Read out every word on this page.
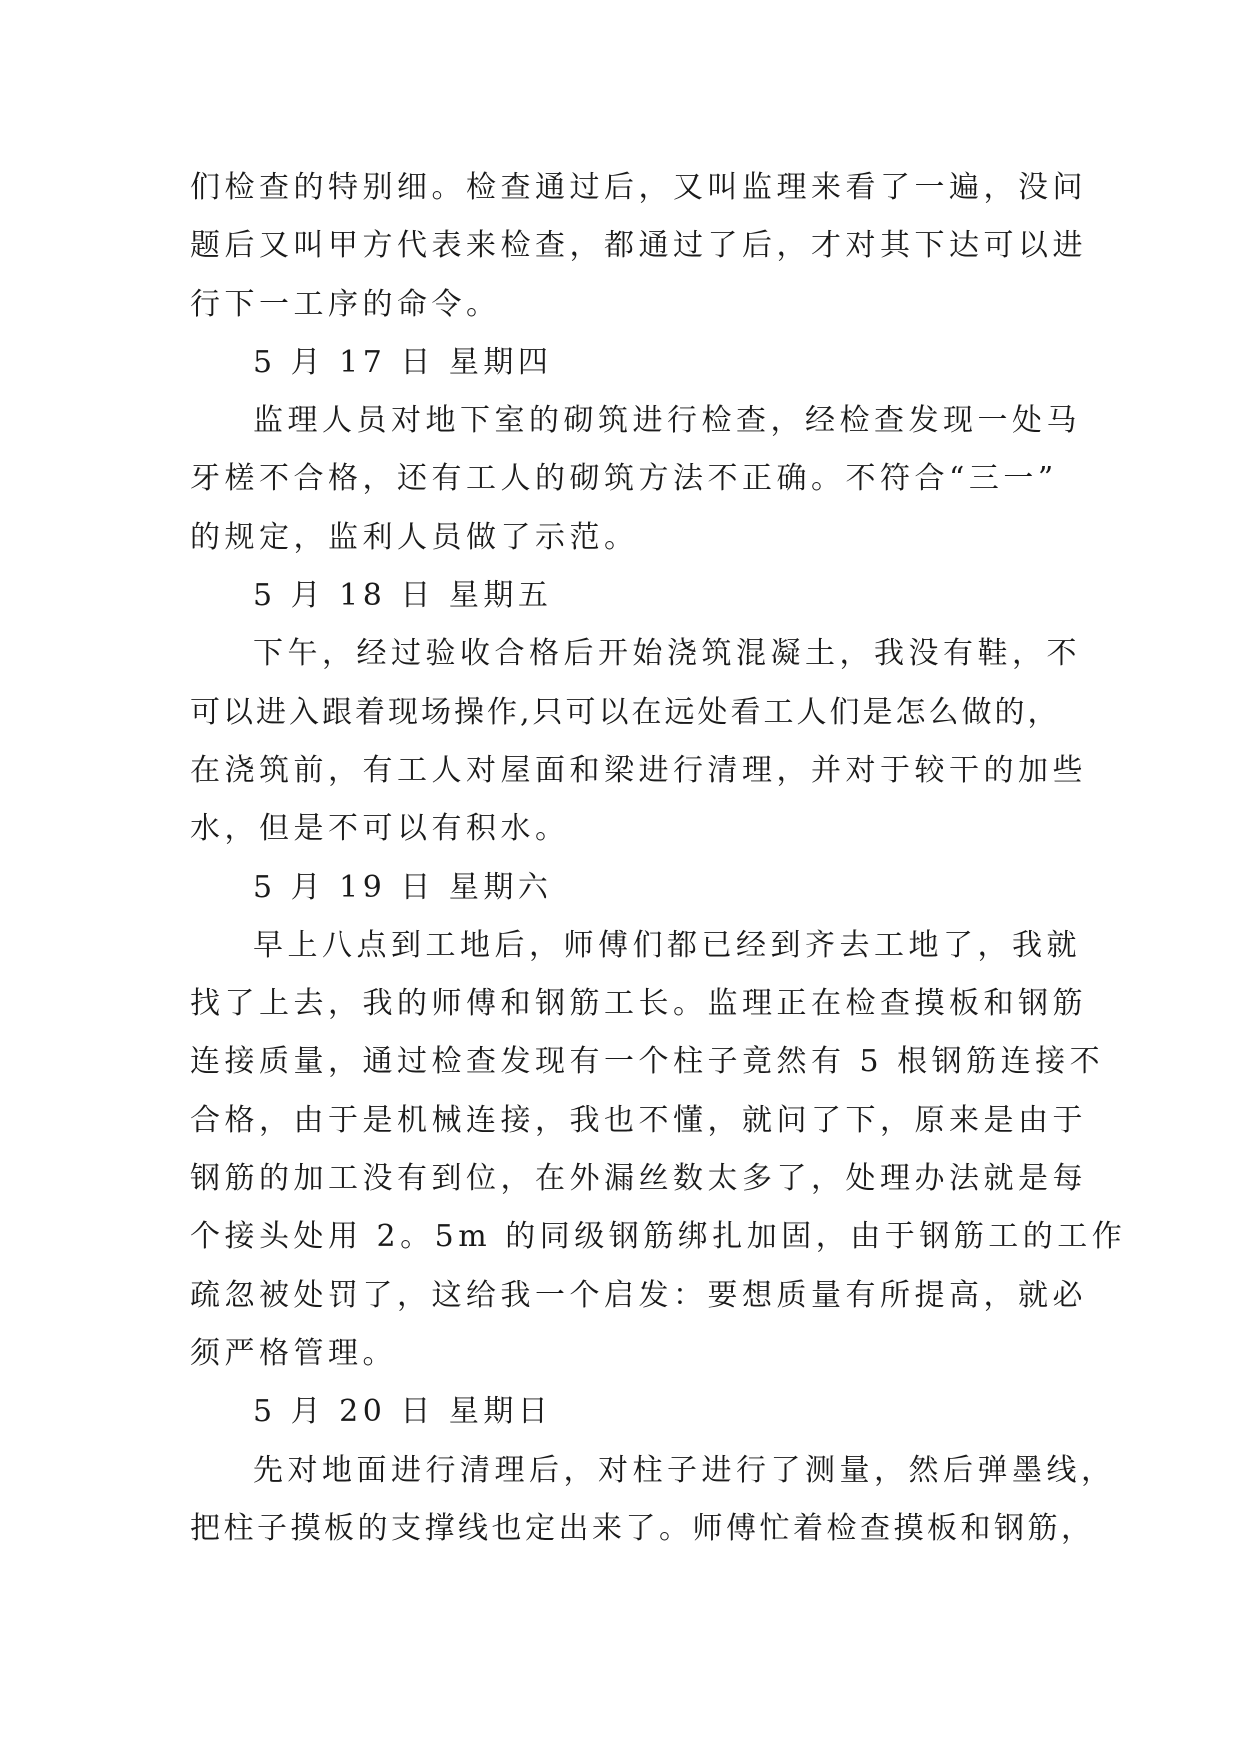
们检查的特别细。检查通过后，又叫监理来看了一遍，没问
题后又叫甲方代表来检查，都通过了后，才对其下达可以进
行下一工序的命令。
5 月 17 日 星期四
监理人员对地下室的砌筑进行检查，经检查发现一处马
牙槎不合格，还有工人的砌筑方法不正确。不符合“三一”
的规定，监利人员做了示范。
5 月 18 日 星期五
下午，经过验收合格后开始浇筑混凝土，我没有鞋，不
可以进入跟着现场操作,只可以在远处看工人们是怎么做的，
在浇筑前，有工人对屋面和梁进行清理，并对于较干的加些
水，但是不可以有积水。
5 月 19 日 星期六
早上八点到工地后，师傅们都已经到齐去工地了，我就
找了上去，我的师傅和钢筋工长。监理正在检查摸板和钢筋
连接质量，通过检查发现有一个柱子竟然有 5 根钢筋连接不
合格，由于是机械连接，我也不懂，就问了下，原来是由于
钢筋的加工没有到位，在外漏丝数太多了，处理办法就是每
个接头处用 2。5m 的同级钢筋绑扎加固，由于钢筋工的工作
疏忽被处罚了，这给我一个启发：要想质量有所提高，就必
须严格管理。
5 月 20 日 星期日
先对地面进行清理后，对柱子进行了测量，然后弹墨线，
把柱子摸板的支撑线也定出来了。师傅忙着检查摸板和钢筋，
